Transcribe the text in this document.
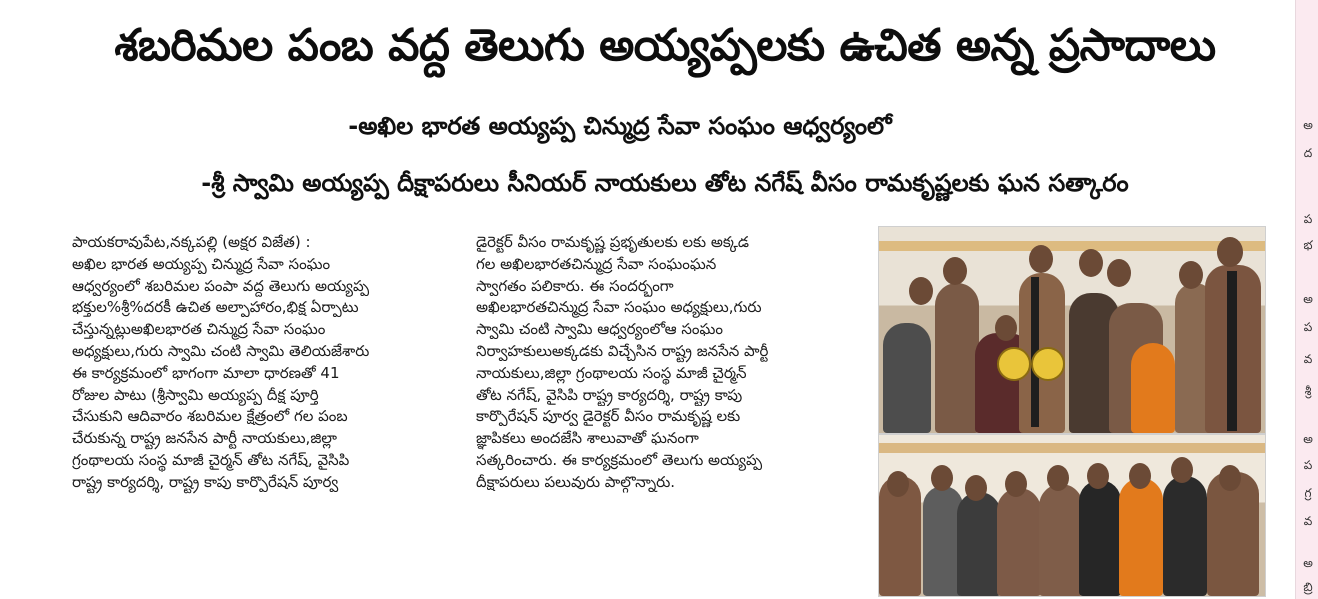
శబరిమల పంబ వద్ద తెలుగు అయ్యప్పలకు ఉచిత అన్న ప్రసాదాలు
-అఖిల భారత అయ్యప్ప చిన్ముద్ర సేవా సంఘం ఆధ్వర్యంలో
-శ్రీ స్వామి అయ్యప్ప దీక్షాపరులు సీనియర్ నాయకులు తోట నగేష్ వీసం రామకృష్ణలకు ఘన సత్కారం
పాయకరావుపేట,నక్కపల్లి (అక్షర విజేత) :
అఖిల భారత అయ్యప్ప చిన్ముద్ర సేవా సంఘం
ఆధ్వర్యంలో శబరిమల పంపా వద్ద తెలుగు అయ్యప్ప
భక్తుల%శ్రీ%దరకీ ఉచిత అల్పాహారం,భిక్ష ఏర్పాటు
చేస్తున్నట్లుఅఖిలభారత చిన్ముద్ర సేవా సంఘం
అధ్యక్షులు,గురు స్వామి చంటి స్వామి తెలియజేశారు
ఈ కార్యక్రమంలో భాగంగా మాలా ధారణతో 41
రోజుల పాటు (శ్రీస్వామి అయ్యప్ప దీక్ష పూర్తి
చేసుకుని ఆదివారం శబరిమల క్షేత్రంలో గల పంబ
చేరుకున్న రాష్ట్ర జనసేన పార్టీ నాయకులు,జిల్లా
గ్రంథాలయ సంస్థ మాజీ చైర్మన్ తోట నగేష్, వైసిపి
రాష్ట్ర కార్యదర్శి, రాష్ట్ర కాపు కార్పొరేషన్ పూర్వ
డైరెక్టర్ వీసం రామకృష్ణ ప్రభృతులకు లకు అక్కడ
గల అఖిలభారతచిన్ముద్ర సేవా సంఘంఘన
స్వాగతం పలికారు. ఈ సందర్భంగా
అఖిలభారతచిన్ముద్ర సేవా సంఘం అధ్యక్షులు,గురు
స్వామి చంటి స్వామి ఆధ్వర్యంలోఆ సంఘం
నిర్వాహకులుఅక్కడకు విచ్చేసిన రాష్ట్ర జనసేన పార్టీ
నాయకులు,జిల్లా గ్రంథాలయ సంస్థ మాజీ చైర్మన్
తోట నగేష్, వైసిపి రాష్ట్ర కార్యదర్శి, రాష్ట్ర కాపు
కార్పొరేషన్ పూర్వ డైరెక్టర్ వీసం రామకృష్ణ లకు
జ్ఞాపికలు అందజేసి శాలువాతో ఘనంగా
సత్కరించారు. ఈ కార్యక్రమంలో తెలుగు అయ్యప్ప
దీక్షాపరులు పలువురు పాల్గొన్నారు.
అ
ద
ప
భ
అ
ప
వ
శ్రీ
అ
ప
గ్ర
వ
అ
బ్రి
